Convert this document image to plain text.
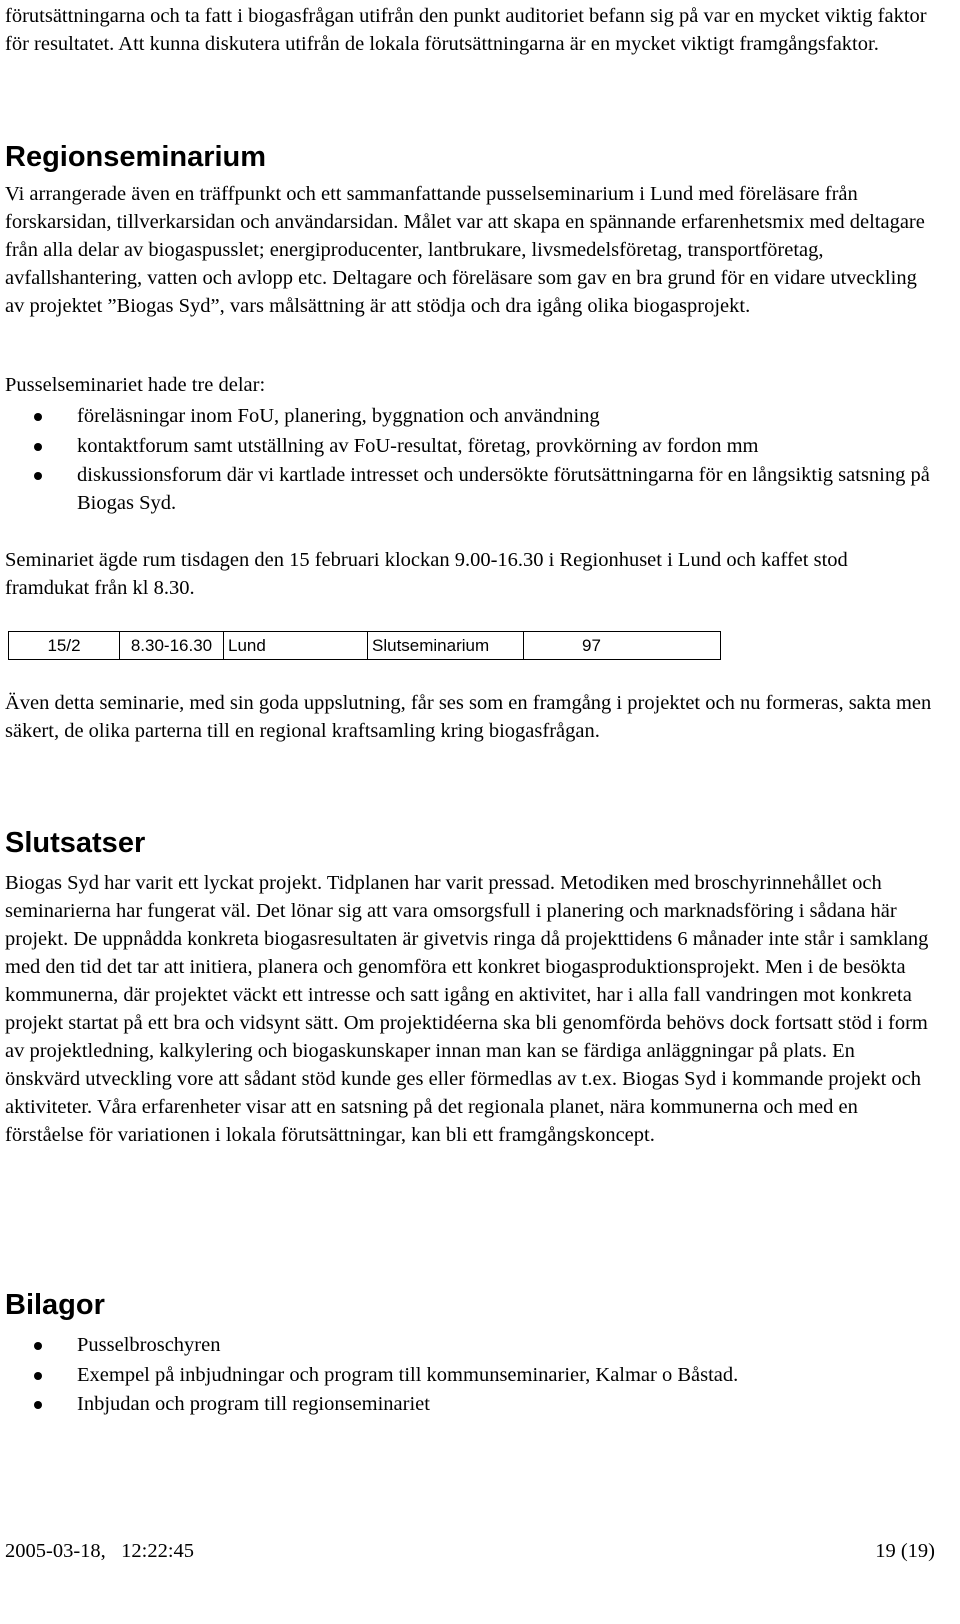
förutsättningarna och ta fatt i biogasfrågan utifrån den punkt auditoriet befann sig på var en mycket viktig faktor för resultatet. Att kunna diskutera utifrån de lokala förutsättningarna är en mycket viktigt framgångsfaktor.

Regionseminarium

Vi arrangerade även en träffpunkt och ett sammanfattande pusselseminarium i Lund med föreläsare från forskarsidan, tillverkarsidan och användarsidan. Målet var att skapa en spännande erfarenhetsmix med deltagare från alla delar av biogaspusslet; energiproducenter, lantbrukare, livsmedelsföretag, transportföretag, avfallshantering, vatten och avlopp etc. Deltagare och föreläsare som gav en bra grund för en vidare utveckling av projektet ”Biogas Syd”, vars målsättning är att stödja och dra igång olika biogasprojekt.

Pusselseminariet hade tre delar:

föreläsningar inom FoU, planering, byggnation och användning
kontaktforum samt utställning av FoU-resultat, företag, provkörning av fordon mm
diskussionsforum där vi kartlade intresset och undersökte förutsättningarna för en långsiktig satsning på Biogas Syd.

Seminariet ägde rum tisdagen den 15 februari klockan 9.00-16.30 i Regionhuset i Lund och kaffet stod framdukat från kl 8.30.

15/2	8.30-16.30	Lund	Slutseminarium	97

Även detta seminarie, med sin goda uppslutning, får ses som en framgång i projektet och nu formeras, sakta men säkert, de olika parterna till en regional kraftsamling kring biogasfrågan.

Slutsatser

Biogas Syd har varit ett lyckat projekt. Tidplanen har varit pressad. Metodiken med broschyrinnehållet och seminarierna har fungerat väl. Det lönar sig att vara omsorgsfull i planering och marknadsföring i sådana här projekt. De uppnådda konkreta biogasresultaten är givetvis ringa då projekttidens 6 månader inte står i samklang med den tid det tar att initiera, planera och genomföra ett konkret biogasproduktionsprojekt. Men i de besökta kommunerna, där projektet väckt ett intresse och satt igång en aktivitet, har i alla fall vandringen mot konkreta projekt startat på ett bra och vidsynt sätt. Om projektidéerna ska bli genomförda behövs dock fortsatt stöd i form av projektledning, kalkylering och biogaskunskaper innan man kan se färdiga anläggningar på plats. En önskvärd utveckling vore att sådant stöd kunde ges eller förmedlas av t.ex. Biogas Syd i kommande projekt och aktiviteter. Våra erfarenheter visar att en satsning på det regionala planet, nära kommunerna och med en förståelse för variationen i lokala förutsättningar, kan bli ett framgångskoncept.

Bilagor
Pusselbroschyren
Exempel på inbjudningar och program till kommunseminarier, Kalmar o Båstad.
Inbjudan och program till regionseminariet
2005-03-18,   12:22:45	19 (19)
